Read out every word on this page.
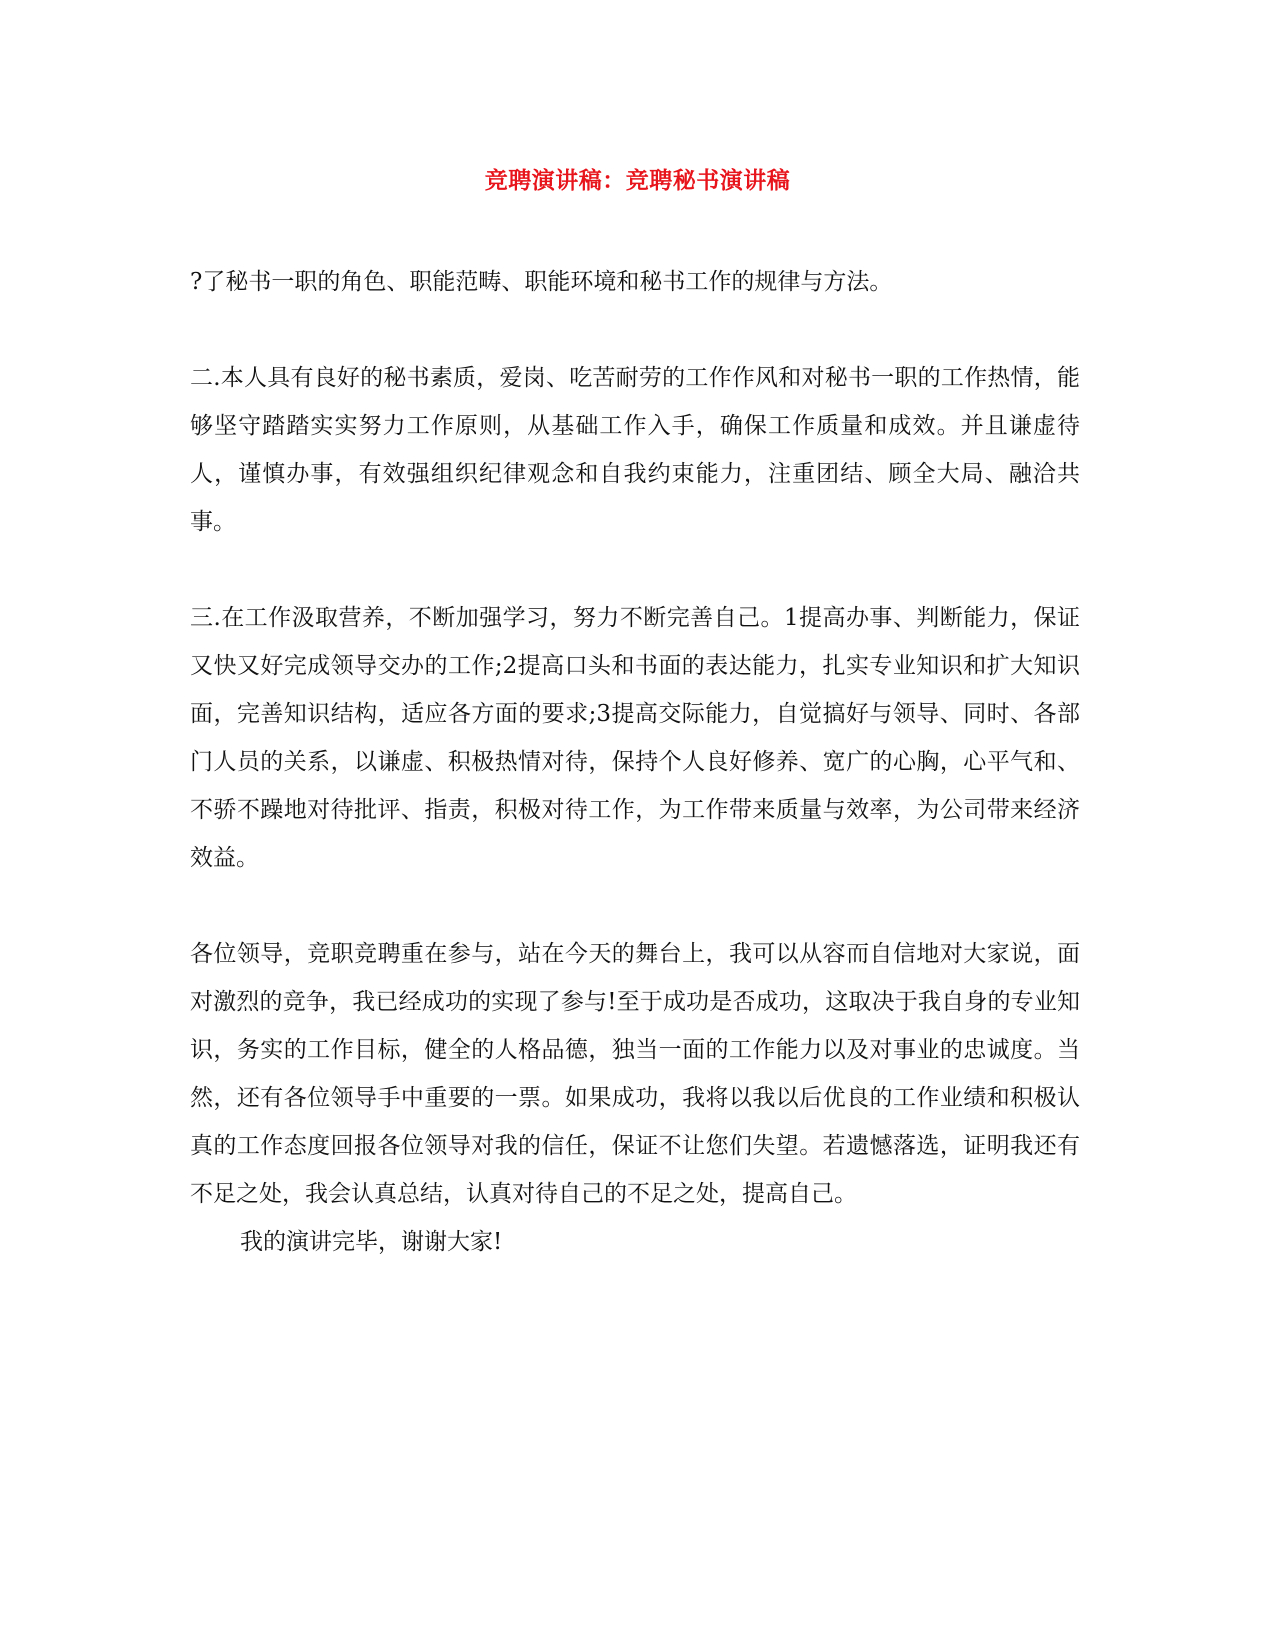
竞聘演讲稿：竞聘秘书演讲稿

?了秘书一职的角色、职能范畴、职能环境和秘书工作的规律与方法。

二.本人具有良好的秘书素质，爱岗、吃苦耐劳的工作作风和对秘书一职的工作热情，能够坚守踏踏实实努力工作原则，从基础工作入手，确保工作质量和成效。并且谦虚待人，谨慎办事，有效强组织纪律观念和自我约束能力，注重团结、顾全大局、融洽共事。

三.在工作汲取营养，不断加强学习，努力不断完善自己。1提高办事、判断能力，保证又快又好完成领导交办的工作;2提高口头和书面的表达能力，扎实专业知识和扩大知识面，完善知识结构，适应各方面的要求;3提高交际能力，自觉搞好与领导、同时、各部门人员的关系，以谦虚、积极热情对待，保持个人良好修养、宽广的心胸，心平气和、不骄不躁地对待批评、指责，积极对待工作，为工作带来质量与效率，为公司带来经济效益。

各位领导，竞职竞聘重在参与，站在今天的舞台上，我可以从容而自信地对大家说，面对激烈的竞争，我已经成功的实现了参与!至于成功是否成功，这取决于我自身的专业知识，务实的工作目标，健全的人格品德，独当一面的工作能力以及对事业的忠诚度。当然，还有各位领导手中重要的一票。如果成功，我将以我以后优良的工作业绩和积极认真的工作态度回报各位领导对我的信任，保证不让您们失望。若遗憾落选，证明我还有不足之处，我会认真总结，认真对待自己的不足之处，提高自己。

我的演讲完毕，谢谢大家!
